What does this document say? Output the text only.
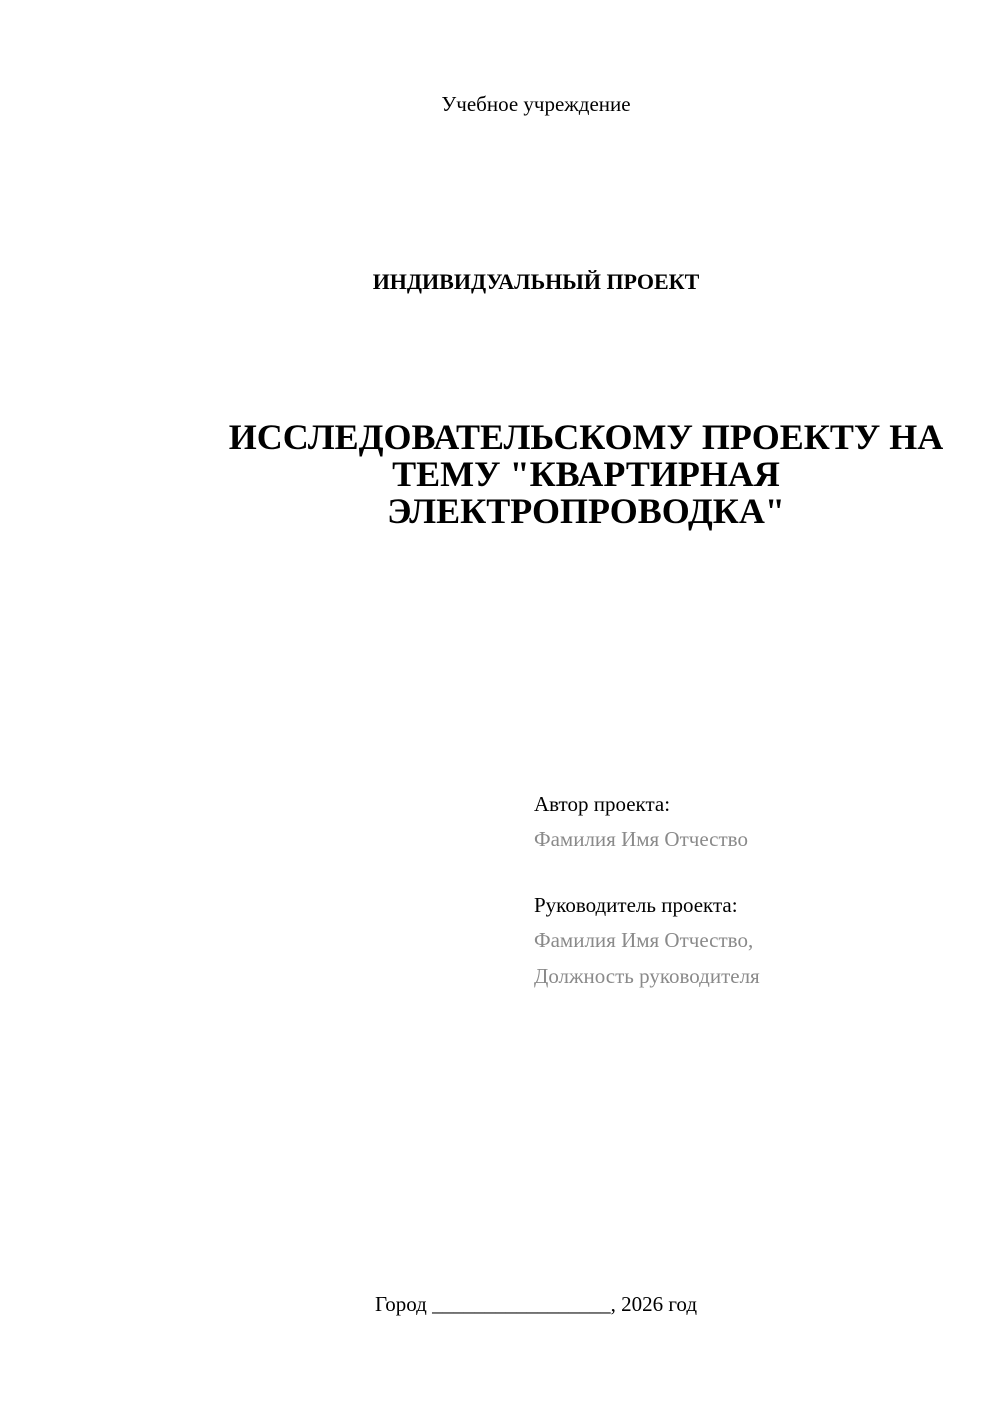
Учебное учреждение
ИНДИВИДУАЛЬНЫЙ ПРОЕКТ
ИССЛЕДОВАТЕЛЬСКОМУ ПРОЕКТУ НА
ТЕМУ "КВАРТИРНАЯ
ЭЛЕКТРОПРОВОДКА"
Автор проекта:
Фамилия Имя Отчество
Руководитель проекта:
Фамилия Имя Отчество,
Должность руководителя
Город _________________, 2026 год
